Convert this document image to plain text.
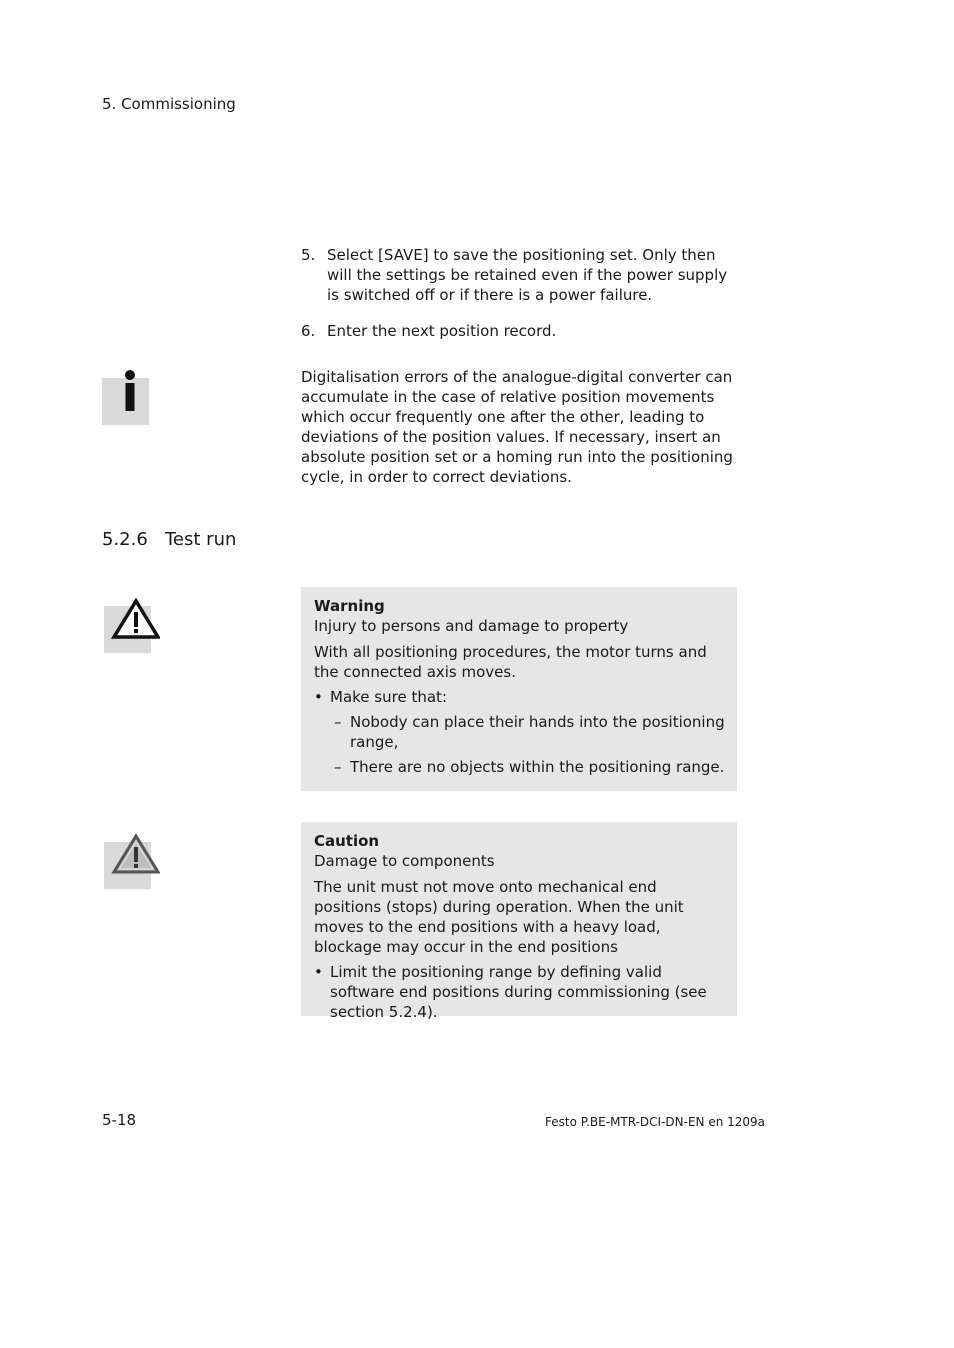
5. Commissioning
5. Select [SAVE] to save the positioning set. Only then will the settings be retained even if the power supply is switched off or if there is a power failure.
6. Enter the next position record.
Digitalisation errors of the analogue-digital converter can accumulate in the case of relative position movements which occur frequently one after the other, leading to deviations of the position values. If necessary, insert an absolute position set or a homing run into the positioning cycle, in order to correct deviations.
5.2.6 Test run

Warning

Injury to persons and damage to property

With all positioning procedures, the motor turns and the connected axis moves.

• Make sure that:
– Nobody can place their hands into the positioning range,
– There are no objects within the positioning range.

Caution

Damage to components

The unit must not move onto mechanical end positions (stops) during operation. When the unit moves to the end positions with a heavy load, blockage may occur in the end positions

• Limit the positioning range by defining valid software end positions during commissioning (see section 5.2.4).
5-18	Festo P.BE-MTR-DCI-DN-EN en 1209a
